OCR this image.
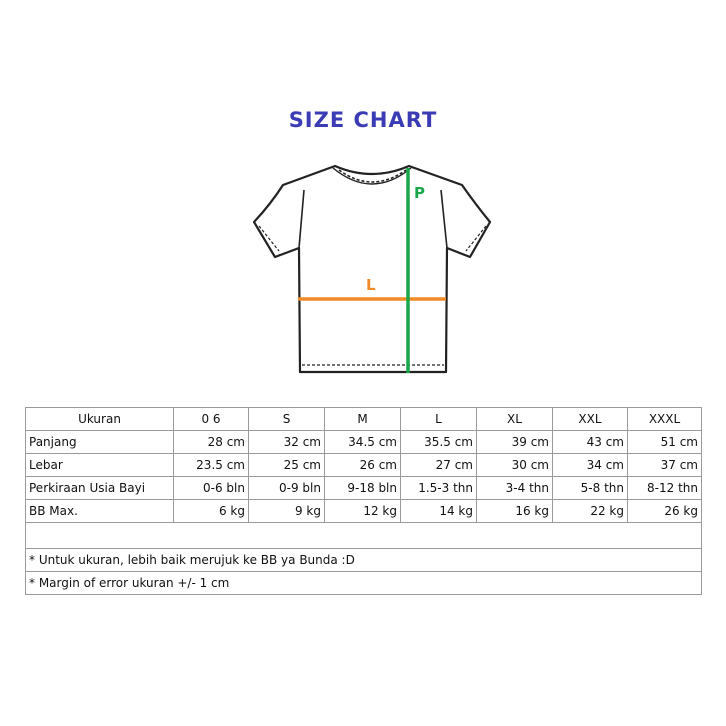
SIZE CHART
L
P
Ukuran	0 6	S	M	L	XL	XXL	XXXL
Panjang	28 cm	32 cm	34.5 cm	35.5 cm	39 cm	43 cm	51 cm
Lebar	23.5 cm	25 cm	26 cm	27 cm	30 cm	34 cm	37 cm
Perkiraan Usia Bayi	0-6 bln	0-9 bln	9-18 bln	1.5-3 thn	3-4 thn	5-8 thn	8-12 thn
BB Max.	6 kg	9 kg	12 kg	14 kg	16 kg	22 kg	26 kg

* Untuk ukuran, lebih baik merujuk ke BB ya Bunda :D							
* Margin of error ukuran +/- 1 cm							
